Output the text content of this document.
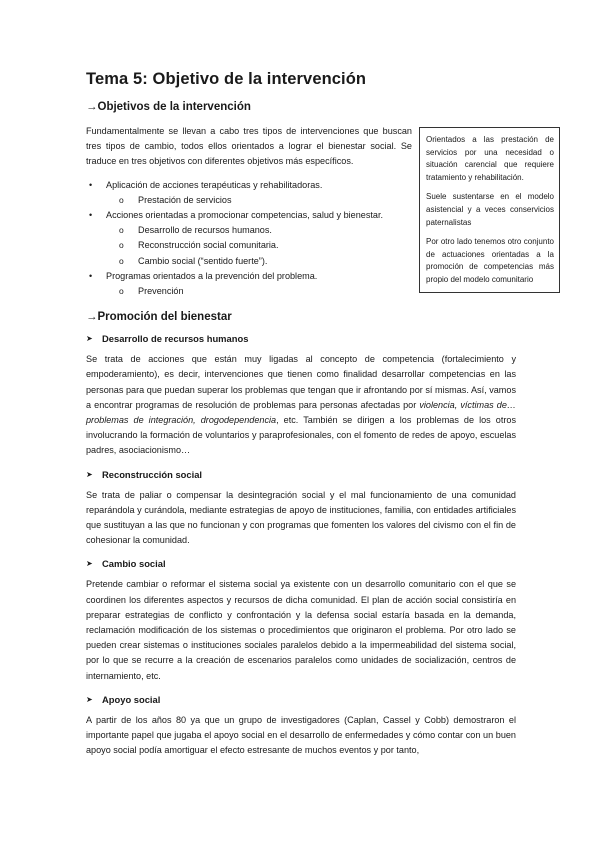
Tema 5: Objetivo de la intervención
→Objetivos de la intervención

Fundamentalmente se llevan a cabo tres tipos de intervenciones que buscan tres tipos de cambio, todos ellos orientados a lograr el bienestar social. Se traduce en tres objetivos con diferentes objetivos más específicos.

•	Aplicación de acciones terapéuticas y rehabilitadoras.
o	Prestación de servicios
•	Acciones orientadas a promocionar competencias, salud y bienestar.
o	Desarrollo de recursos humanos.
o	Reconstrucción social comunitaria.
o	Cambio social (“sentido fuerte”).
•	Programas orientados a la prevención del problema.
o	Prevención
→Promoción del bienestar
➤ Desarrollo de recursos humanos

Se trata de acciones que están muy ligadas al concepto de competencia (fortalecimiento y empoderamiento), es decir, intervenciones que tienen como finalidad desarrollar competencias en las personas para que puedan superar los problemas que tengan que ir afrontando por sí mismas. Así, vamos a encontrar programas de resolución de problemas para personas afectadas por violencia, víctimas de… problemas de integración, drogodependencia, etc. También se dirigen a los problemas de los otros involucrando la formación de voluntarios y paraprofesionales, con el fomento de redes de apoyo, escuelas padres, asociacionismo…

➤ Reconstrucción social

Se trata de paliar o compensar la desintegración social y el mal funcionamiento de una comunidad reparándola y curándola, mediante estrategias de apoyo de instituciones, familia, con entidades artificiales que sustituyan a las que no funcionan y con programas que fomenten los valores del civismo con el fin de cohesionar la comunidad.

➤ Cambio social

Pretende cambiar o reformar el sistema social ya existente con un desarrollo comunitario con el que se coordinen los diferentes aspectos y recursos de dicha comunidad. El plan de acción social consistiría en preparar estrategias de conflicto y confrontación y la defensa social estaría basada en la demanda, reclamación modificación de los sistemas o procedimientos que originaron el problema. Por otro lado se pueden crear sistemas o instituciones sociales paralelos debido a la impermeabilidad del sistema social, por lo que se recurre a la creación de escenarios paralelos como unidades de socialización, centros de internamiento, etc.

➤ Apoyo social

A partir de los años 80 ya que un grupo de investigadores (Caplan, Cassel y Cobb) demostraron el importante papel que jugaba el apoyo social en el desarrollo de enfermedades y cómo contar con un buen apoyo social podía amortiguar el efecto estresante de muchos eventos y por tanto,

Orientados a las prestación de servicios por una necesidad o situación carencial que requiere tratamiento y rehabilitación.
Suele sustentarse en el modelo asistencial y a veces conservicios paternalistas
Por otro lado tenemos otro conjunto de actuaciones orientadas a la promoción de competencias más propio del modelo comunitario
